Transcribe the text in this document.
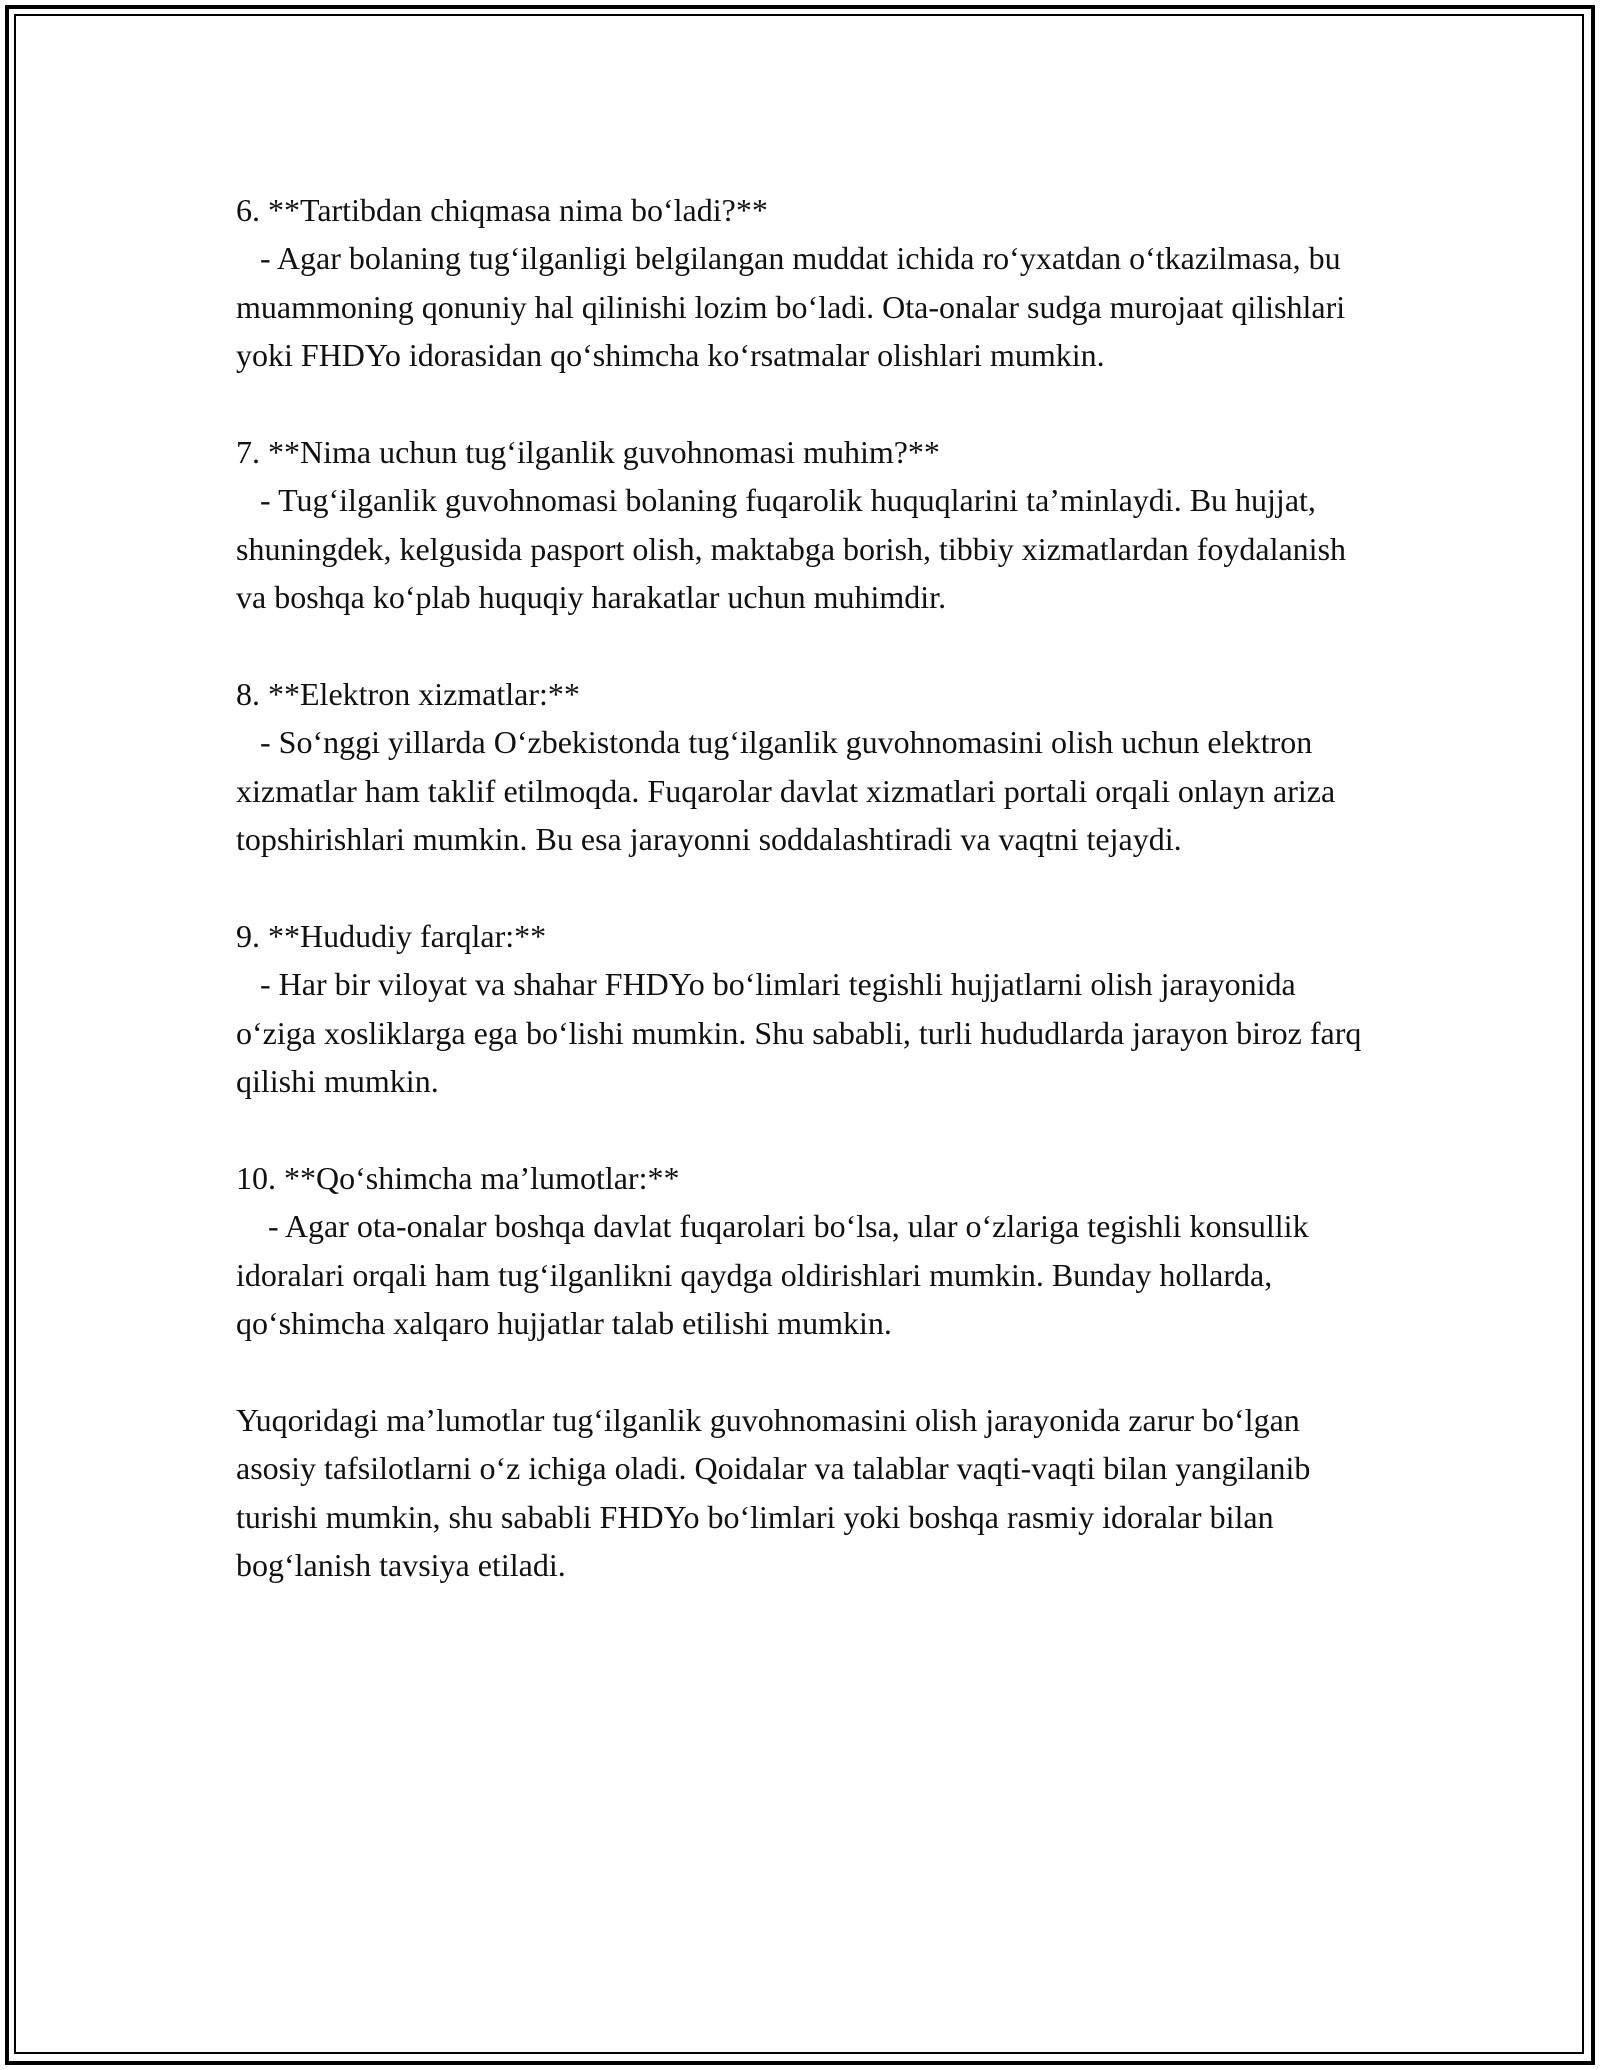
6. **Tartibdan chiqmasa nima bo‘ladi?**
- Agar bolaning tug‘ilganligi belgilangan muddat ichida ro‘yxatdan o‘tkazilmasa, bu muammoning qonuniy hal qilinishi lozim bo‘ladi. Ota-onalar sudga murojaat qilishlari yoki FHDYo idorasidan qo‘shimcha ko‘rsatmalar olishlari mumkin.
7. **Nima uchun tug‘ilganlik guvohnomasi muhim?**
- Tug‘ilganlik guvohnomasi bolaning fuqarolik huquqlarini ta’minlaydi. Bu hujjat, shuningdek, kelgusida pasport olish, maktabga borish, tibbiy xizmatlardan foydalanish va boshqa ko‘plab huquqiy harakatlar uchun muhimdir.
8. **Elektron xizmatlar:**
- So‘nggi yillarda O‘zbekistonda tug‘ilganlik guvohnomasini olish uchun elektron xizmatlar ham taklif etilmoqda. Fuqarolar davlat xizmatlari portali orqali onlayn ariza topshirishlari mumkin. Bu esa jarayonni soddalashtiradi va vaqtni tejaydi.
9. **Hududiy farqlar:**
- Har bir viloyat va shahar FHDYo bo‘limlari tegishli hujjatlarni olish jarayonida o‘ziga xosliklarga ega bo‘lishi mumkin. Shu sababli, turli hududlarda jarayon biroz farq qilishi mumkin.
10. **Qo‘shimcha ma’lumotlar:**
- Agar ota-onalar boshqa davlat fuqarolari bo‘lsa, ular o‘zlariga tegishli konsullik idoralari orqali ham tug‘ilganlikni qaydga oldirishlari mumkin. Bunday hollarda, qo‘shimcha xalqaro hujjatlar talab etilishi mumkin.
Yuqoridagi ma’lumotlar tug‘ilganlik guvohnomasini olish jarayonida zarur bo‘lgan asosiy tafsilotlarni o‘z ichiga oladi. Qoidalar va talablar vaqti-vaqti bilan yangilanib turishi mumkin, shu sababli FHDYo bo‘limlari yoki boshqa rasmiy idoralar bilan bog‘lanish tavsiya etiladi.
